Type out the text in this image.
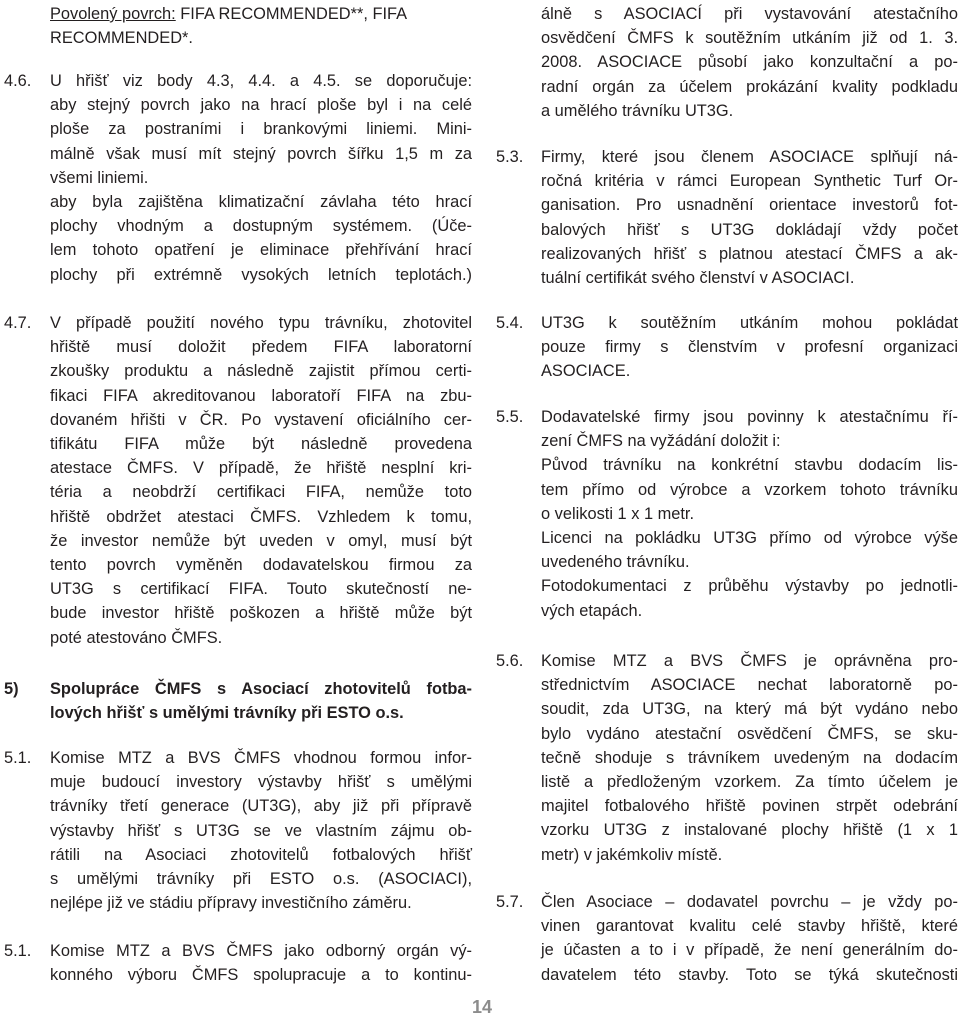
Povolený povrch: FIFA RECOMMENDED**, FIFA
RECOMMENDED*.
4.6.	U hřišť viz body 4.3, 4.4. a 4.5. se doporučuje:
aby stejný povrch jako na hrací ploše byl i na celé
ploše za postraními i brankovými liniemi. Mini-
málně však musí mít stejný povrch šířku 1,5 m za
všemi liniemi.
aby byla zajištěna klimatizační závlaha této hrací
plochy vhodným a dostupným systémem. (Úče-
lem tohoto opatření je eliminace přehřívání hrací
plochy při extrémně vysokých letních teplotách.)
4.7.	V případě použití nového typu trávníku, zhotovitel
hřiště musí doložit předem FIFA laboratorní
zkoušky produktu a následně zajistit přímou certi-
fikaci FIFA akreditovanou laboratoří FIFA na zbu-
dovaném hřišti v ČR. Po vystavení oficiálního cer-
tifikátu FIFA může být následně provedena
atestace ČMFS. V případě, že hřiště nesplní kri-
téria a neobdrží certifikaci FIFA, nemůže toto
hřiště obdržet atestaci ČMFS. Vzhledem k tomu,
že investor nemůže být uveden v omyl, musí být
tento povrch vyměněn dodavatelskou firmou za
UT3G s certifikací FIFA. Touto skutečností ne-
bude investor hřiště poškozen a hřiště může být
poté atestováno ČMFS.
5)	Spolupráce ČMFS s Asociací zhotovitelů fotba-
lových hřišť s umělými trávníky při ESTO o.s.
5.1.	Komise MTZ a BVS ČMFS vhodnou formou infor-
muje budoucí investory výstavby hřišť s umělými
trávníky třetí generace (UT3G), aby již při přípravě
výstavby hřišť s UT3G se ve vlastním zájmu ob-
rátili na Asociaci zhotovitelů fotbalových hřišť
s umělými trávníky při ESTO o.s. (ASOCIACI),
nejlépe již ve stádiu přípravy investičního záměru.
5.1.	Komise MTZ a BVS ČMFS jako odborný orgán vý-
konného výboru ČMFS spolupracuje a to kontinu-
álně s ASOCIACÍ při vystavování atestačního
osvědčení ČMFS k soutěžním utkáním již od 1. 3.
2008. ASOCIACE působí jako konzultační a po-
radní orgán za účelem prokázání kvality podkladu
a umělého trávníku UT3G.
5.3.	Firmy, které jsou členem ASOCIACE splňují ná-
ročná kritéria v rámci European Synthetic Turf Or-
ganisation. Pro usnadnění orientace investorů fot-
balových hřišť s UT3G dokládají vždy počet
realizovaných hřišť s platnou atestací ČMFS a ak-
tuální certifikát svého členství v ASOCIACI.
5.4.	UT3G k soutěžním utkáním mohou pokládat
pouze firmy s členstvím v profesní organizaci
ASOCIACE.
5.5.	Dodavatelské firmy jsou povinny k atestačnímu ří-
zení ČMFS na vyžádání doložit i:
Původ trávníku na konkrétní stavbu dodacím lis-
tem přímo od výrobce a vzorkem tohoto trávníku
o velikosti 1 x 1 metr.
Licenci na pokládku UT3G přímo od výrobce výše
uvedeného trávníku.
Fotodokumentaci z průběhu výstavby po jednotli-
vých etapách.
5.6.	Komise MTZ a BVS ČMFS je oprávněna pro-
střednictvím ASOCIACE nechat laboratorně po-
soudit, zda UT3G, na který má být vydáno nebo
bylo vydáno atestační osvědčení ČMFS, se sku-
tečně shoduje s trávníkem uvedeným na dodacím
listě a předloženým vzorkem. Za tímto účelem je
majitel fotbalového hřiště povinen strpět odebrání
vzorku UT3G z instalované plochy hřiště (1 x 1
metr) v jakémkoliv místě.
5.7.	Člen Asociace – dodavatel povrchu – je vždy po-
vinen garantovat kvalitu celé stavby hřiště, které
je účasten a to i v případě, že není generálním do-
davatelem této stavby. Toto se týká skutečnosti
14
